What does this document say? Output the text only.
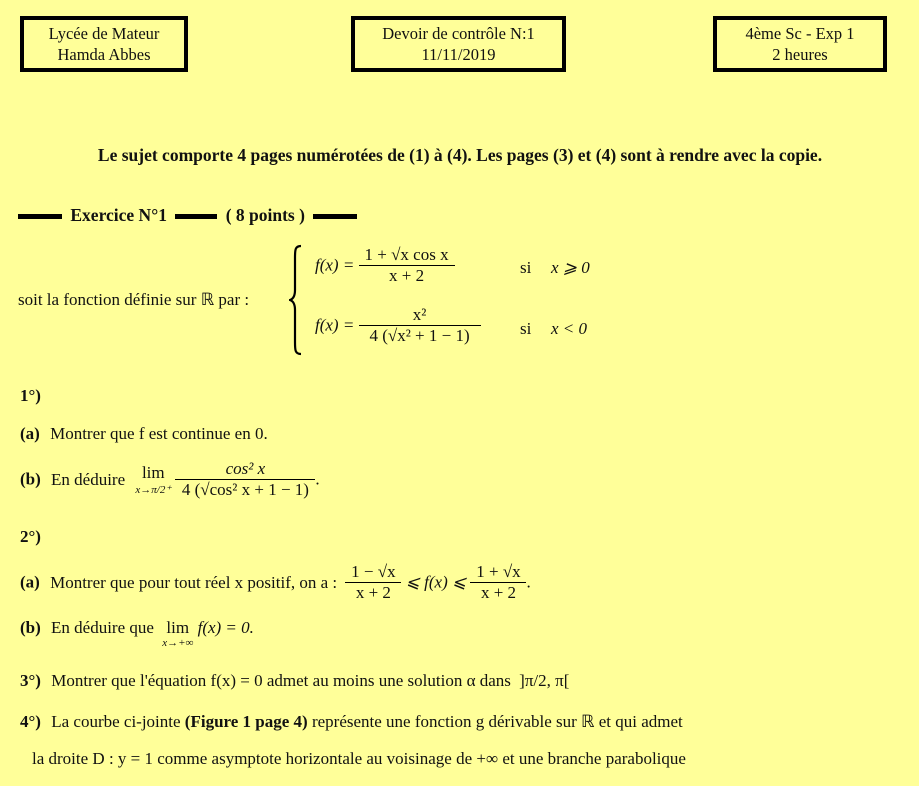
Lycée de Mateur
Hamda Abbes
Devoir de contrôle N:1
11/11/2019
4ème Sc - Exp 1
2 heures
Le sujet comporte 4 pages numérotées de (1) à (4). Les pages (3) et (4) sont à rendre avec la copie.
Exercice N°1	( 8 points )
soit la fonction définie sur ℝ par :
$f(x) = \frac{\text{1 + √x cos x}}{x + 2}$	si x ⩾ 0
$f(x) = \frac{\text{x²}}{\text{4 (√x² + 1 − 1)}}$ si x < 0
1°)
(a) Montrer que f est continue en 0.
(b) En déduire lim
x→π/2⁺
$\frac{\text{cos² x}}{\text{4 (√cos² x + 1 − 1)}}$ .
2°)
(a) Montrer que pour tout réel x positif, on a : $\frac{1 - √x}{x + 2}$ ⩽ f(x) ⩽ $\frac{1 + √x}{x + 2}$ .
(b) En déduire que lim
x→+∞
f(x) = 0.
3°) Montrer que l'équation f(x) = 0 admet au moins une solution α dans ]π/2, π[
4°) La courbe ci-jointe (Figure 1 page 4) représente une fonction g dérivable sur ℝ et qui admet
la droite D : y = 1 comme asymptote horizontale au voisinage de +∞ et une branche parabolique
